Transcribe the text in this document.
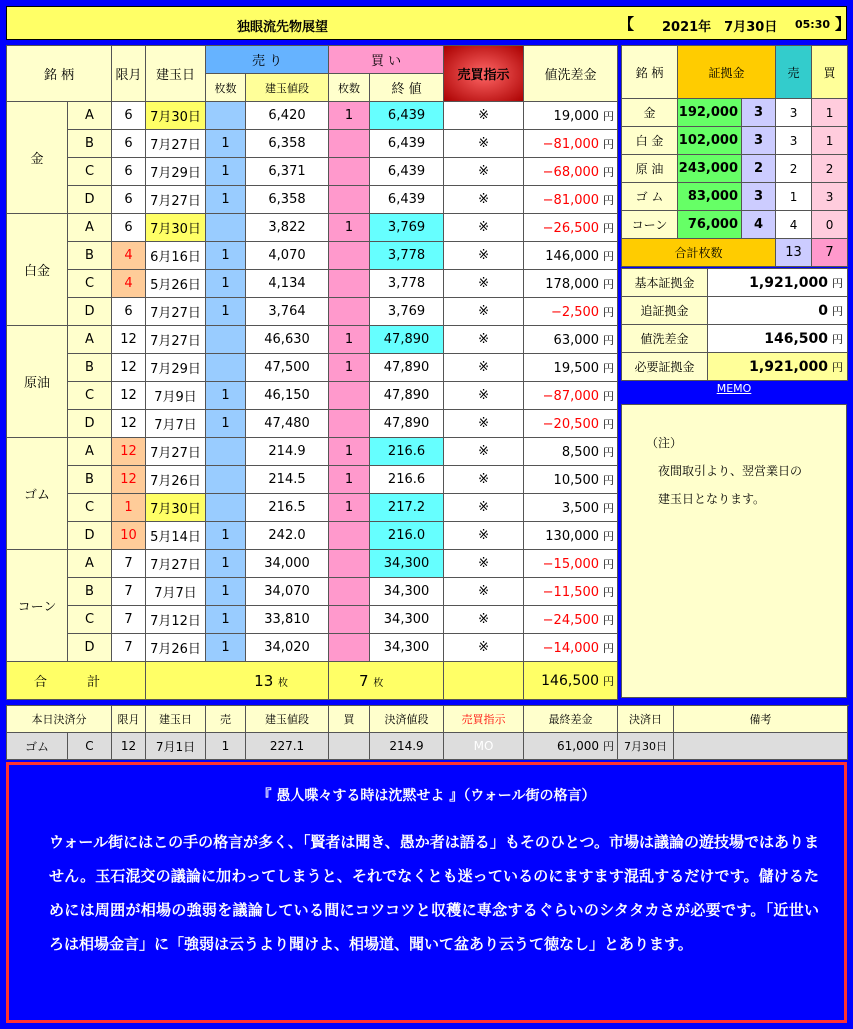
独眼流先物展望	【 2021年　7月30日 05:30 】
銘 柄		限月	建玉日	売 り		買 い		売買指示	値洗差金
				枚数	建玉値段	枚数	終 値		
金	A	6	7月30日		6,420	1	6,439	※	19,000 円
	B	6	7月27日	1	6,358		6,439	※	−81,000 円
	C	6	7月29日	1	6,371		6,439	※	−68,000 円
	D	6	7月27日	1	6,358		6,439	※	−81,000 円
白金	A	6	7月30日		3,822	1	3,769	※	−26,500 円
	B	4	6月16日	1	4,070		3,778	※	146,000 円
	C	4	5月26日	1	4,134		3,778	※	178,000 円
	D	6	7月27日	1	3,764		3,769	※	−2,500 円
原油	A	12	7月27日		46,630	1	47,890	※	63,000 円
	B	12	7月29日		47,500	1	47,890	※	19,500 円
	C	12	7月9日	1	46,150		47,890	※	−87,000 円
	D	12	7月7日	1	47,480		47,890	※	−20,500 円
ゴム	A	12	7月27日		214.9	1	216.6	※	8,500 円
	B	12	7月26日		214.5	1	216.6	※	10,500 円
	C	1	7月30日		216.5	1	217.2	※	3,500 円
	D	10	5月14日	1	242.0		216.0	※	130,000 円
コーン	A	7	7月27日	1	34,000		34,300	※	−15,000 円
	B	7	7月7日	1	34,070		34,300	※	−11,500 円
	C	7	7月12日	1	33,810		34,300	※	−24,500 円
	D	7	7月26日	1	34,020		34,300	※	−14,000 円
合 計			13 枚			7 枚			146,500 円
銘 柄	証拠金		売	買
金	192,000	3	3	1
白 金	102,000	3	3	1
原 油	243,000	2	2	2
ゴ ム	83,000	3	1	3
コーン	76,000	4	4	0
合計枚数			13	7
基本証拠金	1,921,000 円
追証拠金	0 円
値洗差金	146,500 円
必要証拠金	1,921,000 円
MEMO
（注）
夜間取引より、翌営業日の
建玉日となります。
本日決済分		限月	建玉日	売	建玉値段	買	決済値段	売買指示	最終差金	決済日	備考
ゴム	C	12	7月1日	1	227.1		214.9	MO	61,000 円	7月30日	
『 愚人喋々する時は沈黙せよ 』（ウォール街の格言）
ウォール街にはこの手の格言が多く、「賢者は聞き、愚か者は語る」もそのひとつ。市場は議論の遊技場ではありません。玉石混交の議論に加わってしまうと、それでなくとも迷っているのにますます混乱するだけです。儲けるためには周囲が相場の強弱を議論している間にコツコツと収穫に専念するぐらいのシタタカさが必要です。「近世いろは相場金言」に「強弱は云うより聞けよ、相場道、聞いて盆あり云うて徳なし」とあります。
